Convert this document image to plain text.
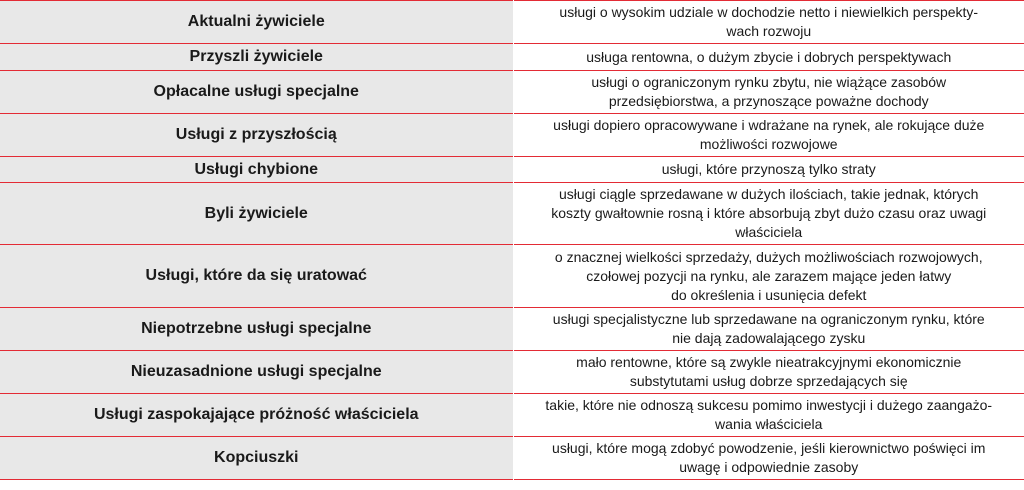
Aktualni żywiciele	usługi o wysokim udziale w dochodzie netto i niewielkich perspekty-
wach rozwoju
Przyszli żywiciele	usługa rentowna, o dużym zbycie i dobrych perspektywach
Opłacalne usługi specjalne	usługi o ograniczonym rynku zbytu, nie wiążące zasobów
przedsiębiorstwa, a przynoszące poważne dochody
Usługi z przyszłością	usługi dopiero opracowywane i wdrażane na rynek, ale rokujące duże
możliwości rozwojowe
Usługi chybione	usługi, które przynoszą tylko straty
Byli żywiciele	usługi ciągle sprzedawane w dużych ilościach, takie jednak, których
koszty gwałtownie rosną i które absorbują zbyt dużo czasu oraz uwagi
właściciela
Usługi, które da się uratować	o znacznej wielkości sprzedaży, dużych możliwościach rozwojowych,
czołowej pozycji na rynku, ale zarazem mające jeden łatwy
do określenia i usunięcia defekt
Niepotrzebne usługi specjalne	usługi specjalistyczne lub sprzedawane na ograniczonym rynku, które
nie dają zadowalającego zysku
Nieuzasadnione usługi specjalne	mało rentowne, które są zwykle nieatrakcyjnymi ekonomicznie
substytutami usług dobrze sprzedających się
Usługi zaspokajające próżność właściciela	takie, które nie odnoszą sukcesu pomimo inwestycji i dużego zaangażo-
wania właściciela
Kopciuszki	usługi, które mogą zdobyć powodzenie, jeśli kierownictwo poświęci im
uwagę i odpowiednie zasoby
